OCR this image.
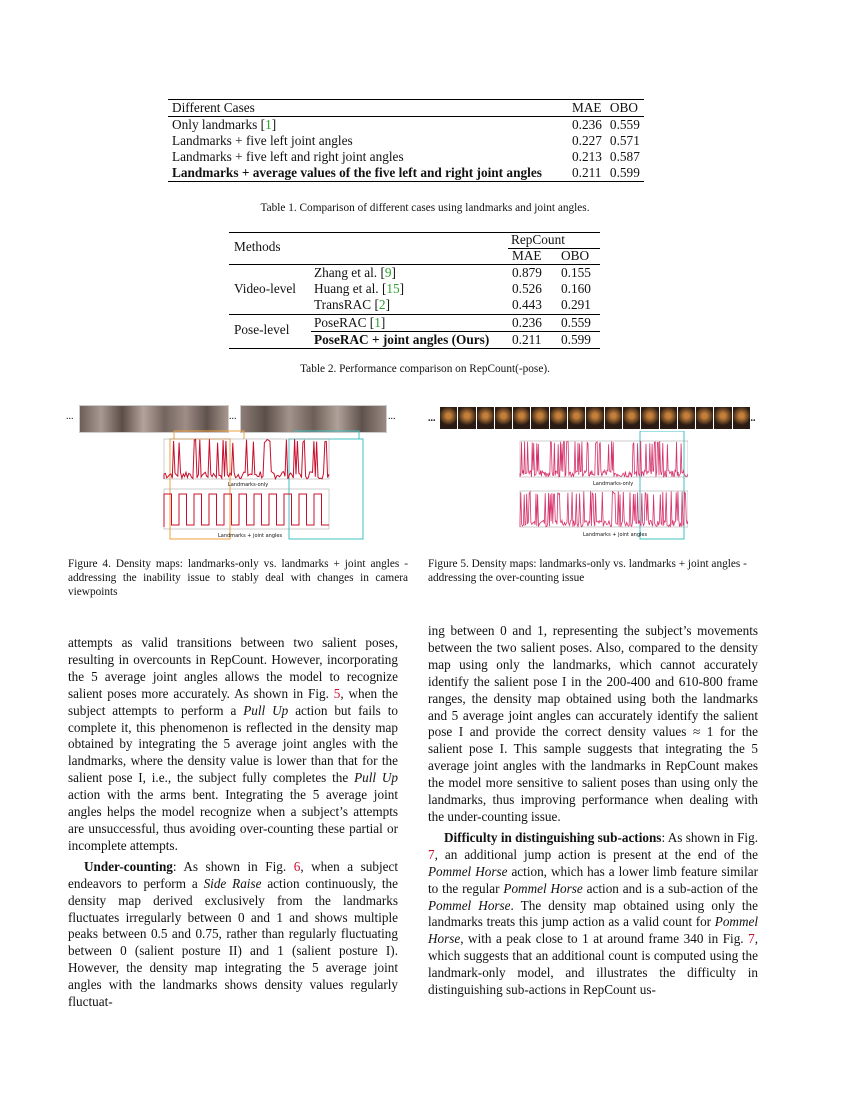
Different Cases	MAE	OBO
Only landmarks [1]	0.236	0.559
Landmarks + five left joint angles	0.227	0.571
Landmarks + five left and right joint angles	0.213	0.587
Landmarks + average values of the five left and right joint angles	0.211	0.599
Table 1. Comparison of different cases using landmarks and joint angles.
Methods	RepCount
MAE OBO
Video-level
Zhang et al. [9]	0.879 0.155
Huang et al. [15]	0.526 0.160
TransRAC [2]	0.443 0.291
Pose-level PoseRAC [1]	0.236 0.559
PoseRAC + joint angles (Ours) 0.211 0.599
Table 2. Performance comparison on RepCount(-pose).
...	...	...
Landmarks-only
Landmarks + joint angles
Figure 4. Density maps: landmarks-only vs. landmarks + joint angles - addressing the inability issue to stably deal with changes in camera viewpoints
...	...
Landmarks-only
Landmarks + joint angles
Figure 5. Density maps: landmarks-only vs. landmarks + joint angles - addressing the over-counting issue

attempts as valid transitions between two salient poses, resulting in overcounts in RepCount. However, incorporating the 5 average joint angles allows the model to recognize salient poses more accurately. As shown in Fig. 5, when the subject attempts to perform a Pull Up action but fails to complete it, this phenomenon is reflected in the density map obtained by integrating the 5 average joint angles with the landmarks, where the density value is lower than that for the salient pose I, i.e., the subject fully completes the Pull Up action with the arms bent. Integrating the 5 average joint angles helps the model recognize when a subject’s attempts are unsuccessful, thus avoiding over-counting these partial or incomplete attempts.

Under-counting: As shown in Fig. 6, when a subject endeavors to perform a Side Raise action continuously, the density map derived exclusively from the landmarks fluctuates irregularly between 0 and 1 and shows multiple peaks between 0.5 and 0.75, rather than regularly fluctuating between 0 (salient posture II) and 1 (salient posture I). However, the density map integrating the 5 average joint angles with the landmarks shows density values regularly fluctuat-

ing between 0 and 1, representing the subject’s movements between the two salient poses. Also, compared to the density map using only the landmarks, which cannot accurately identify the salient pose I in the 200-400 and 610-800 frame ranges, the density map obtained using both the landmarks and 5 average joint angles can accurately identify the salient pose I and provide the correct density values ≈ 1 for the salient pose I. This sample suggests that integrating the 5 average joint angles with the landmarks in RepCount makes the model more sensitive to salient poses than using only the landmarks, thus improving performance when dealing with the under-counting issue.

Difficulty in distinguishing sub-actions: As shown in Fig. 7, an additional jump action is present at the end of the Pommel Horse action, which has a lower limb feature similar to the regular Pommel Horse action and is a sub-action of the Pommel Horse. The density map obtained using only the landmarks treats this jump action as a valid count for Pommel Horse, with a peak close to 1 at around frame 340 in Fig. 7, which suggests that an additional count is computed using the landmark-only model, and illustrates the difficulty in distinguishing sub-actions in RepCount us-
